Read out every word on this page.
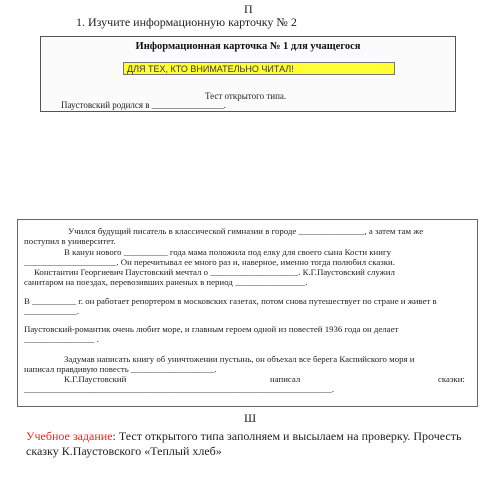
П
1. Изучите информационную карточку № 2
Информационная карточка № 1 для учащегося
ДЛЯ ТЕХ, КТО ВНИМАТЕЛЬНО ЧИТАЛ!
Тест открытого типа.
Паустовский родился в ________________.
Учился будущий писатель в классической гимназии в городе _______________, а затем там же
поступил в университет.
В канун нового __________ года мама положила под елку для своего сына Кости книгу
_____________________. Он перечитывал ее много раз и, наверное, именно тогда полюбил сказки.
Константин Георгиевич Паустовский мечтал о ____________________. К.Г.Паустовский служил
санитаром на поездах, перевозивших раненых в период ________________.
В __________ г. он работает репортером в московских газетах, потом снова путешествует по стране и живет в
____________.
Паустовский-романтик очень любит море, и главным героем одной из повестей 1936 года он делает
________________ .
Задумав написать книгу об уничтожении пустынь, он объехал все берега Каспийского моря и
написал правдивую повесть ___________________.
К.Г.Паустовский	написал	сказки:
______________________________________________________________________.
Ш
Учебное задание: Тест открытого типа заполняем и высылаем на проверку. Прочесть
сказку К.Паустовского «Теплый хлеб»
